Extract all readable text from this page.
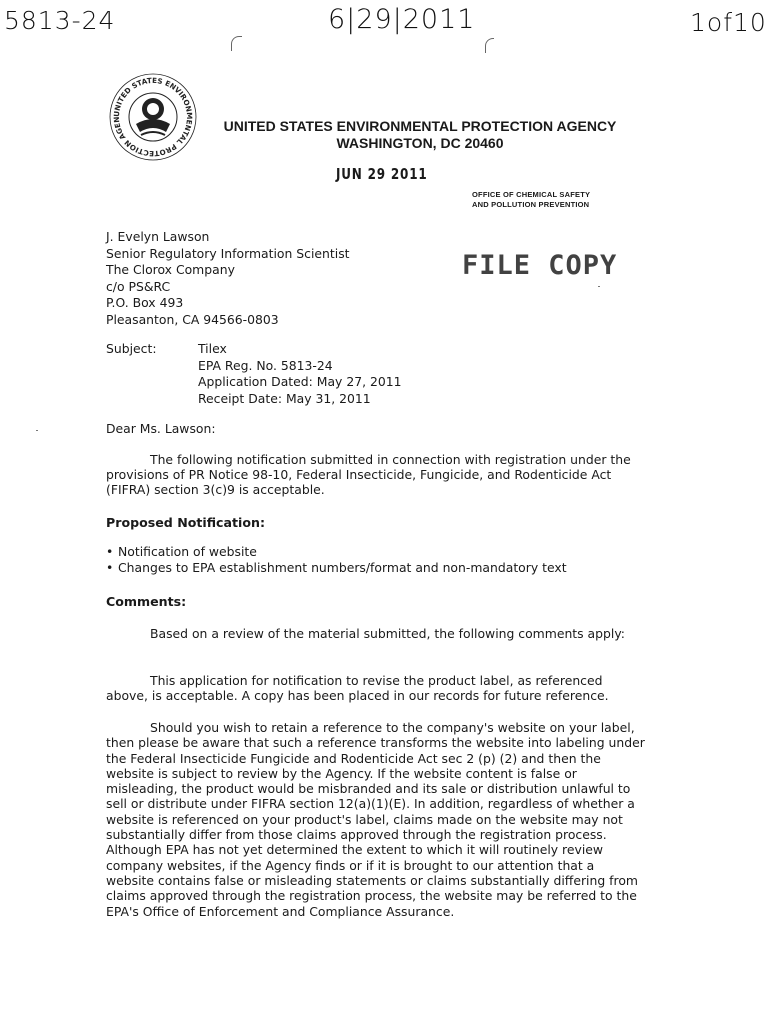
5813-24	6|29|2011	1of10
UNITED STATES ENVIRONMENTAL PROTECTION AGEN	UNITED STATES ENVIRONMENTAL PROTECTION AGENCY
WASHINGTON, DC 20460
JUN 29 2011
OFFICE OF CHEMICAL SAFETY
AND POLLUTION PREVENTION
FILE COPY
J. Evelyn Lawson
Senior Regulatory Information Scientist
The Clorox Company
c/o PS&RC
P.O. Box 493
Pleasanton, CA 94566-0803
Subject:	Tilex
EPA Reg. No. 5813-24
Application Dated: May 27, 2011
Receipt Date: May 31, 2011
Dear Ms. Lawson:
The following notification submitted in connection with registration under the provisions of PR Notice 98-10, Federal Insecticide, Fungicide, and Rodenticide Act (FIFRA) section 3(c)9 is acceptable.
Proposed Notification:
• Notification of website
• Changes to EPA establishment numbers/format and non-mandatory text
Comments:
Based on a review of the material submitted, the following comments apply:
This application for notification to revise the product label, as referenced above, is acceptable. A copy has been placed in our records for future reference.
Should you wish to retain a reference to the company's website on your label, then please be aware that such a reference transforms the website into labeling under the Federal Insecticide Fungicide and Rodenticide Act sec 2 (p) (2) and then the website is subject to review by the Agency. If the website content is false or misleading, the product would be misbranded and its sale or distribution unlawful to sell or distribute under FIFRA section 12(a)(1)(E). In addition, regardless of whether a website is referenced on your product's label, claims made on the website may not substantially differ from those claims approved through the registration process. Although EPA has not yet determined the extent to which it will routinely review company websites, if the Agency finds or if it is brought to our attention that a website contains false or misleading statements or claims substantially differing from claims approved through the registration process, the website may be referred to the EPA's Office of Enforcement and Compliance Assurance.
